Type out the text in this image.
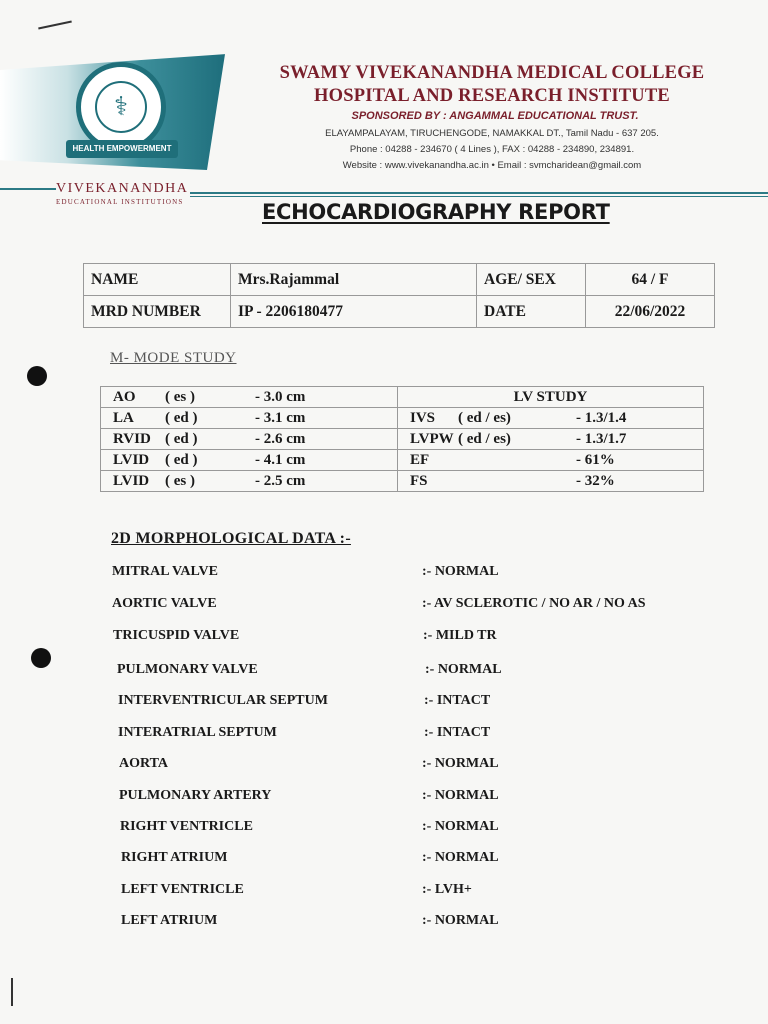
⚕
HEALTH EMPOWERMENT
SWAMY VIVEKANANDHA MEDICAL COLLEGE
HOSPITAL AND RESEARCH INSTITUTE
SPONSORED BY : ANGAMMAL EDUCATIONAL TRUST.
ELAYAMPALAYAM, TIRUCHENGODE, NAMAKKAL DT., Tamil Nadu - 637 205.
Phone : 04288 - 234670 ( 4 Lines ), FAX : 04288 - 234890, 234891.
Website : www.vivekanandha.ac.in • Email : svmcharidean@gmail.com
VIVEKANANDHA
EDUCATIONAL INSTITUTIONS	ECHOCARDIOGRAPHY REPORT
NAME	Mrs.Rajammal	AGE/ SEX	64 / F
MRD NUMBER	IP - 2206180477	DATE	22/06/2022
M- MODE STUDY
AO ( es ) - 3.0 cm	LV STUDY
LA ( ed ) - 3.1 cm	IVS ( ed / es) - 1.3/1.4
RVID ( ed ) - 2.6 cm	LVPW ( ed / es) - 1.3/1.7
LVID ( ed ) - 4.1 cm	EF - 61%
LVID ( es ) - 2.5 cm	FS - 32%
2D MORPHOLOGICAL DATA :-
MITRAL VALVE	:- NORMAL
AORTIC VALVE	:- AV SCLEROTIC / NO AR / NO AS
TRICUSPID VALVE	:- MILD TR
PULMONARY VALVE	:- NORMAL
INTERVENTRICULAR SEPTUM	:- INTACT
INTERATRIAL SEPTUM	:- INTACT
AORTA	:- NORMAL
PULMONARY ARTERY	:- NORMAL
RIGHT VENTRICLE	:- NORMAL
RIGHT ATRIUM	:- NORMAL
LEFT VENTRICLE	:- LVH+
LEFT ATRIUM	:- NORMAL
